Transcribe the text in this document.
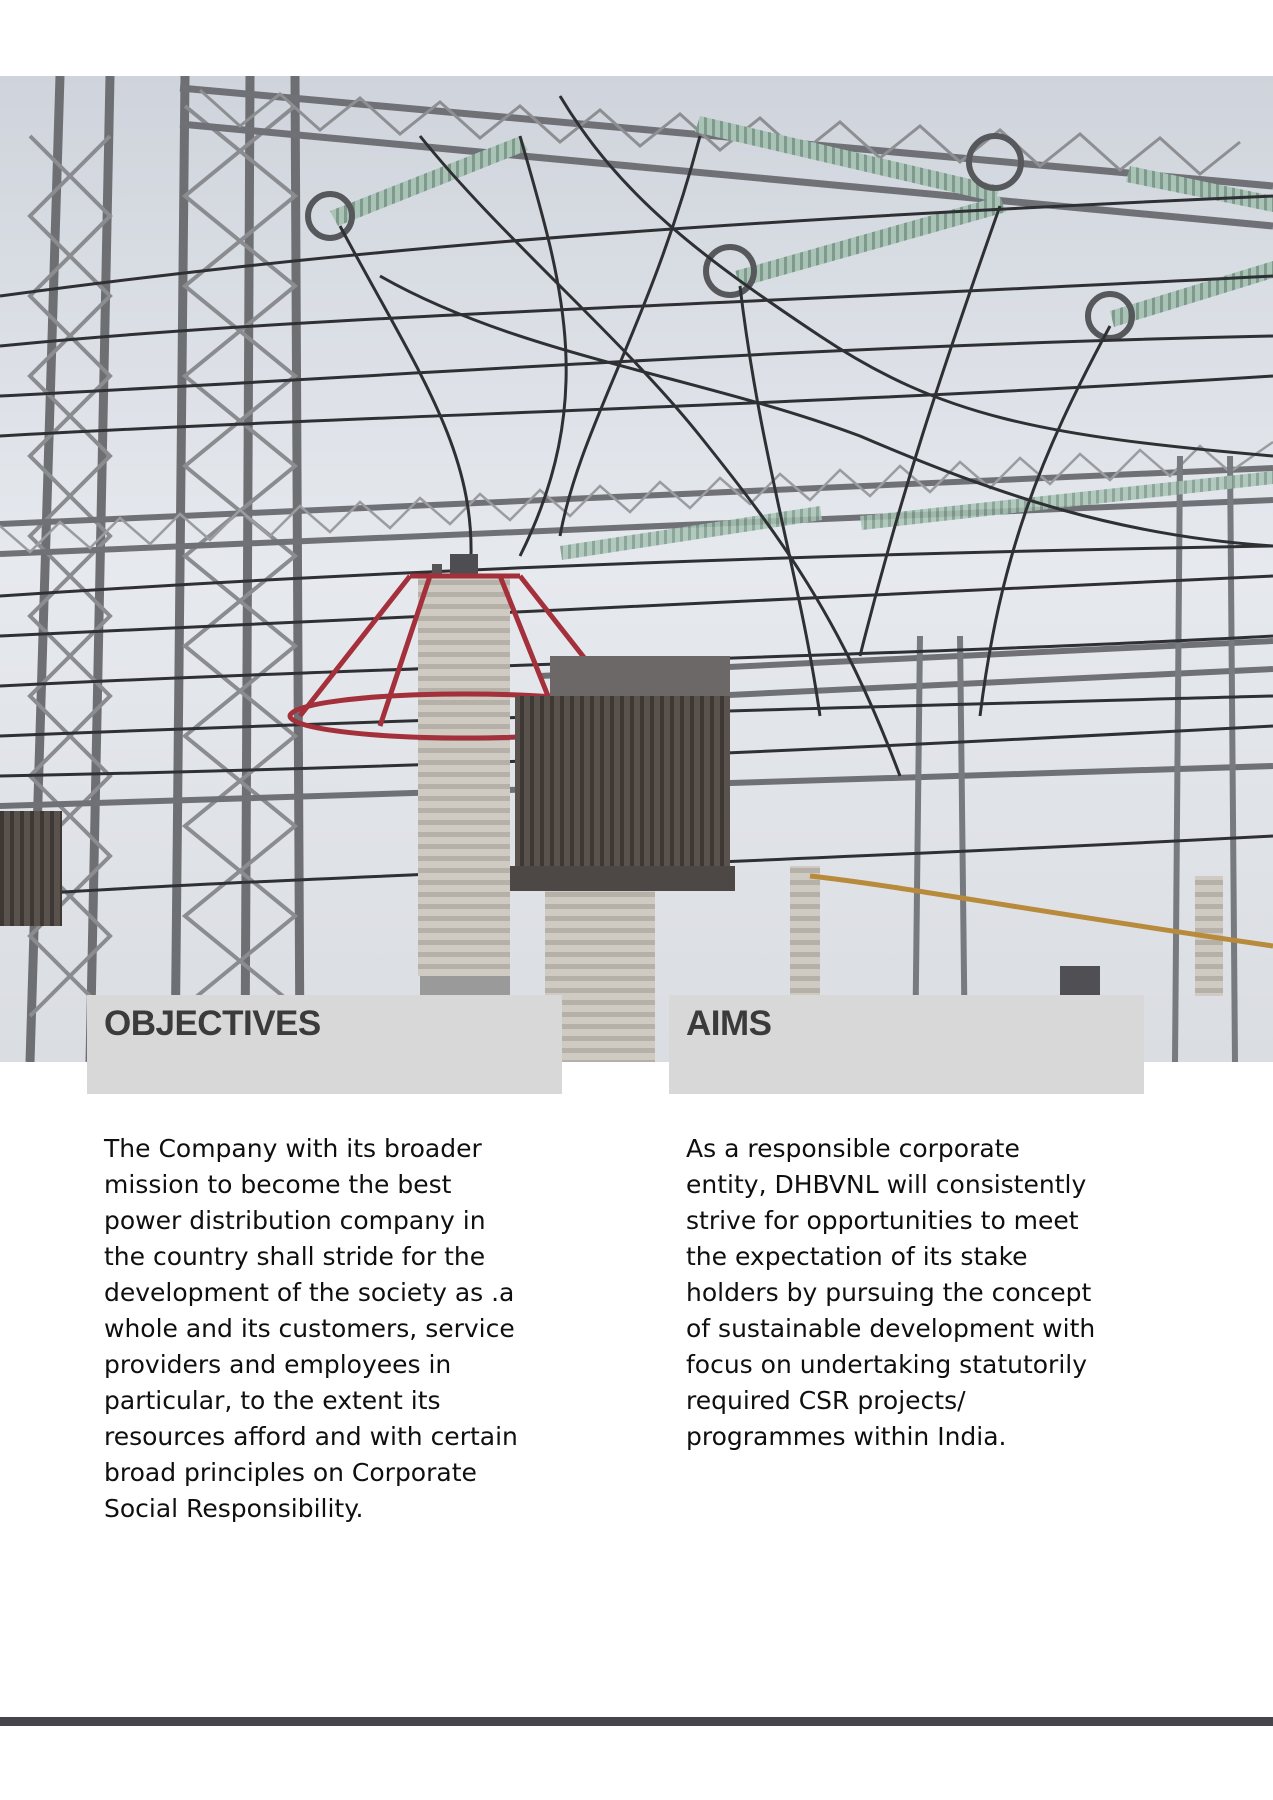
OBJECTIVES	AIMS

The Company with its broader
mission to become the best
power distribution company in
the country shall stride for the
development of the society as .a
whole and its customers, service
providers and employees in
particular, to the extent its
resources afford and with certain
broad principles on Corporate
Social Responsibility.

As a responsible corporate
entity, DHBVNL will consistently
strive for opportunities to meet
the expectation of its stake
holders by pursuing the concept
of sustainable development with
focus on undertaking statutorily
required CSR projects/
programmes within India.
